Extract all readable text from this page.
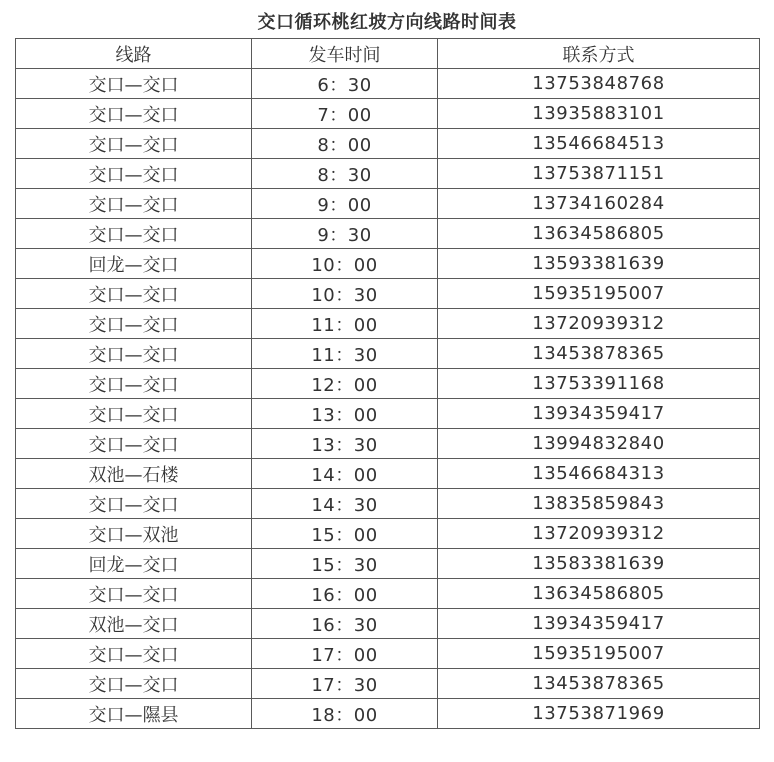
交口循环桃红坡方向线路时间表
线路	发车时间	联系方式
交口—交口	6：30	13753848768
交口—交口	7：00	13935883101
交口—交口	8：00	13546684513
交口—交口	8：30	13753871151
交口—交口	9：00	13734160284
交口—交口	9：30	13634586805
回龙—交口	10：00	13593381639
交口—交口	10：30	15935195007
交口—交口	11：00	13720939312
交口—交口	11：30	13453878365
交口—交口	12：00	13753391168
交口—交口	13：00	13934359417
交口—交口	13：30	13994832840
双池—石楼	14：00	13546684313
交口—交口	14：30	13835859843
交口—双池	15：00	13720939312
回龙—交口	15：30	13583381639
交口—交口	16：00	13634586805
双池—交口	16：30	13934359417
交口—交口	17：00	15935195007
交口—交口	17：30	13453878365
交口—隰县	18：00	13753871969
